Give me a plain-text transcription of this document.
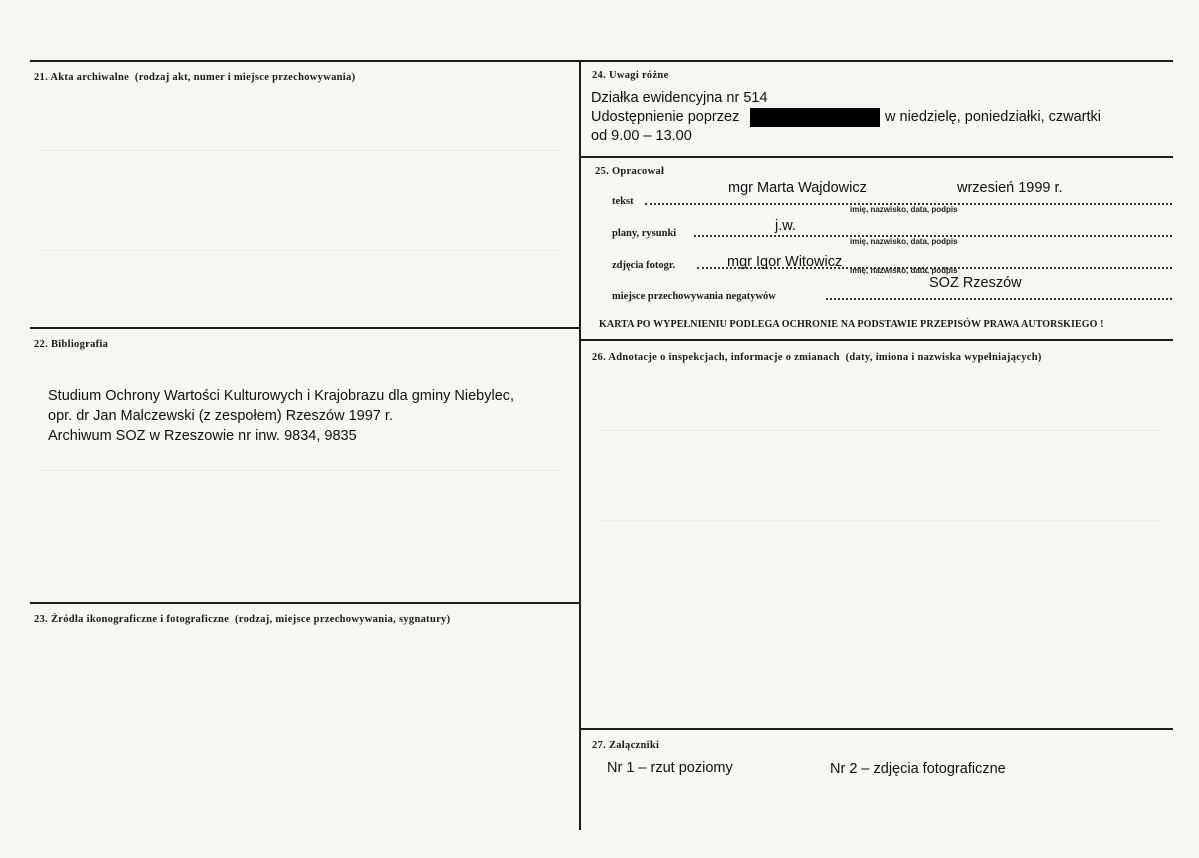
21. Akta archiwalne (rodzaj akt, numer i miejsce przechowywania)
22. Bibliografia
Studium Ochrony Wartości Kulturowych i Krajobrazu dla gminy Niebylec,
opr. dr Jan Malczewski (z zespołem) Rzeszów 1997 r.
Archiwum SOZ w Rzeszowie nr inw. 9834, 9835
23. Źródła ikonograficzne i fotograficzne (rodzaj, miejsce przechowywania, sygnatury)
24. Uwagi różne
Działka ewidencyjna nr 514
Udostępnienie poprzez	w niedzielę, poniedziałki, czwartki
od 9.00 – 13.00
25. Opracował
tekst
mgr Marta Wajdowicz	wrzesień 1999 r.
imię, nazwisko, data, podpis
plany, rysunki	j.w.
imię, nazwisko, data, podpis
zdjęcia fotogr.	mgr Igor Witowicz
imię, nazwisko, data, podpis
miejsce przechowywania negatywów
SOZ Rzeszów
KARTA PO WYPEŁNIENIU PODLEGA OCHRONIE NA PODSTAWIE PRZEPISÓW PRAWA AUTORSKIEGO !
26. Adnotacje o inspekcjach, informacje o zmianach (daty, imiona i nazwiska wypełniających)
27. Załączniki
Nr 1 – rzut poziomy	Nr 2 – zdjęcia fotograficzne
